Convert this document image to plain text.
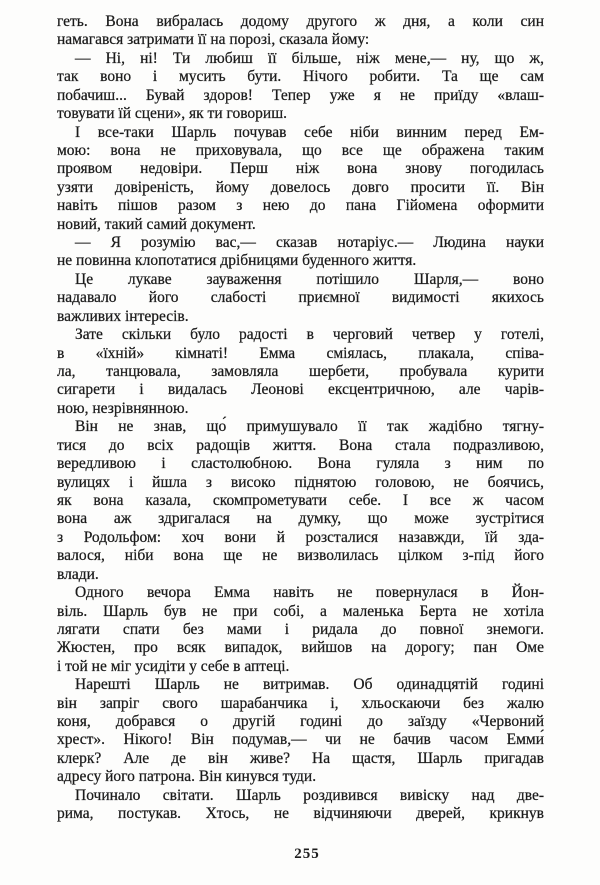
геть. Вона вибралась додому другого ж дня, а коли син
намагався затримати її на порозі, сказала йому:
— Ні, ні! Ти любиш її більше, ніж мене,— ну, що ж,
так воно і мусить бути. Нічого робити. Та ще сам
побачиш... Бувай здоров! Тепер уже я не приїду «влаш-
товувати їй сцени», як ти говориш.
І все-таки Шарль почував себе ніби винним перед Ем-
мою: вона не приховувала, що все ще ображена таким
проявом недовіри. Перш ніж вона знову погодилась
узяти довіреність, йому довелось довго просити її. Він
навіть пішов разом з нею до пана Гійомена оформити
новий, такий самий документ.
— Я розумію вас,— сказав нотаріус.— Людина науки
не повинна клопотатися дрібницями буденного життя.
Це лукаве зауваження потішило Шарля,— воно
надавало його слабості приємної видимості якихось
важливих інтересів.
Зате скільки було радості в черговий четвер у готелі,
в «їхній» кімнаті! Емма сміялась, плакала, співа-
ла, танцювала, замовляла шербети, пробувала курити
сигарети і видалась Леонові ексцентричною, але чарів-
ною, незрівнянною.
Він не знав, що́ примушувало її так жадібно тягну-
тися до всіх радощів життя. Вона стала подразливою,
вередливою і сластолюбною. Вона гуляла з ним по
вулицях і йшла з високо піднятою головою, не боячись,
як вона казала, скомпрометувати себе. І все ж часом
вона аж здригалася на думку, що може зустрітися
з Родольфом: хоч вони й розсталися назавжди, їй зда-
валося, ніби вона ще не визволилась цілком з-під його
влади.
Одного вечора Емма навіть не повернулася в Йон-
віль. Шарль був не при собі, а маленька Берта не хотіла
лягати спати без мами і ридала до повної знемоги.
Жюстен, про всяк випадок, вийшов на дорогу; пан Оме
і той не міг усидіти у себе в аптеці.
Нарешті Шарль не витримав. Об одинадцятій годині
він запріг свого шарабанчика і, хльоскаючи без жалю
коня, добрався о другій годині до заїзду «Червоний
хрест». Нікого! Він подумав,— чи не бачив часом Емми́
клерк? Але де він живе? На щастя, Шарль пригадав
адресу його патрона. Він кинувся туди.
Починало світати. Шарль роздивився вивіску над две-
рима, постукав. Хтось, не відчиняючи дверей, крикнув
255
